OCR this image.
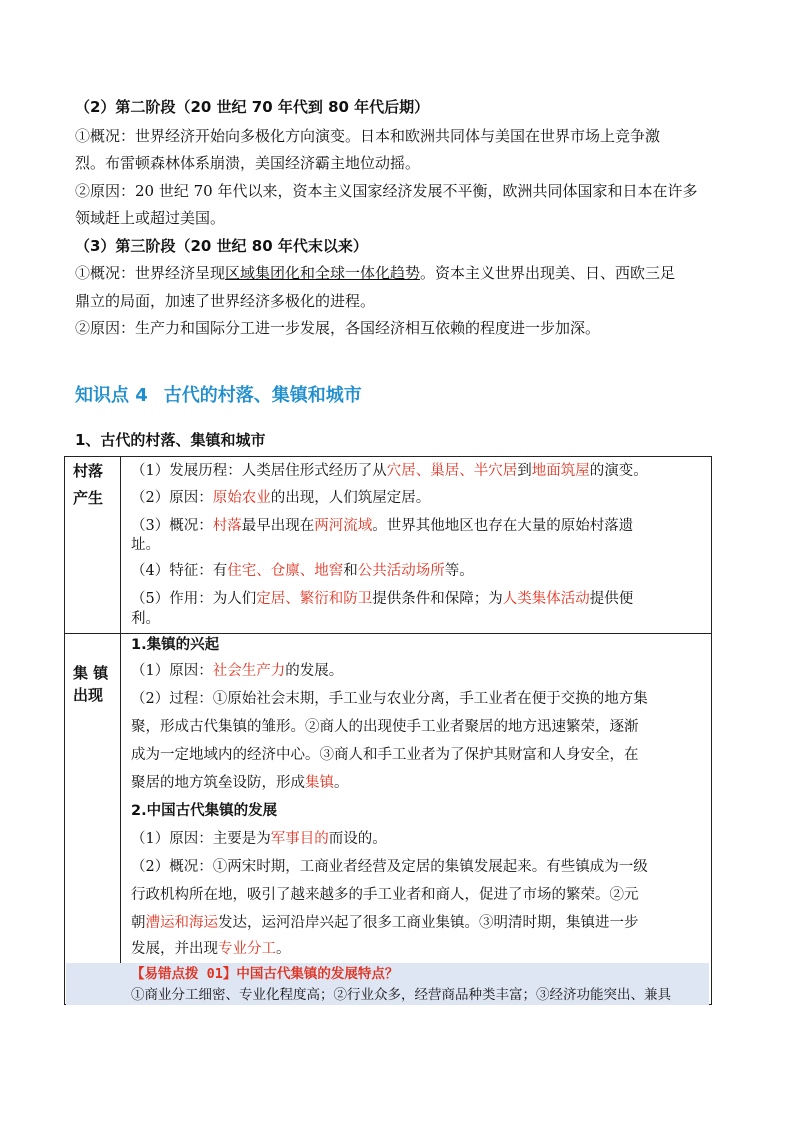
（2）第二阶段（20 世纪 70 年代到 80 年代后期）
①概况：世界经济开始向多极化方向演变。日本和欧洲共同体与美国在世界市场上竞争激
烈。布雷顿森林体系崩溃，美国经济霸主地位动摇。
②原因：20 世纪 70 年代以来，资本主义国家经济发展不平衡，欧洲共同体国家和日本在许多
领域赶上或超过美国。
（3）第三阶段（20 世纪 80 年代末以来）
①概况：世界经济呈现区域集团化和全球一体化趋势。资本主义世界出现美、日、西欧三足
鼎立的局面，加速了世界经济多极化的进程。
②原因：生产力和国际分工进一步发展，各国经济相互依赖的程度进一步加深。
知识点 4 古代的村落、集镇和城市
1、古代的村落、集镇和城市
村落
产生
（1）发展历程：人类居住形式经历了从穴居、巢居、半穴居到地面筑屋的演变。
（2）原因：原始农业的出现，人们筑屋定居。
（3）概况：村落最早出现在两河流域。世界其他地区也存在大量的原始村落遗
址。
（4）特征：有住宅、仓廪、地窖和公共活动场所等。
（5）作用：为人们定居、繁衍和防卫提供条件和保障；为人类集体活动提供便
利。
集 镇
出现
1.集镇的兴起
（1）原因：社会生产力的发展。
（2）过程：①原始社会末期，手工业与农业分离，手工业者在便于交换的地方集
聚，形成古代集镇的雏形。②商人的出现使手工业者聚居的地方迅速繁荣，逐渐
成为一定地域内的经济中心。③商人和手工业者为了保护其财富和人身安全，在
聚居的地方筑垒设防，形成集镇。
2.中国古代集镇的发展
（1）原因：主要是为军事目的而设的。
（2）概况：①两宋时期，工商业者经营及定居的集镇发展起来。有些镇成为一级
行政机构所在地，吸引了越来越多的手工业者和商人，促进了市场的繁荣。②元
朝漕运和海运发达，运河沿岸兴起了很多工商业集镇。③明清时期，集镇进一步
发展，并出现专业分工。
【易错点拨 01】中国古代集镇的发展特点？
①商业分工细密、专业化程度高；②行业众多，经营商品种类丰富；③经济功能突出、兼具
